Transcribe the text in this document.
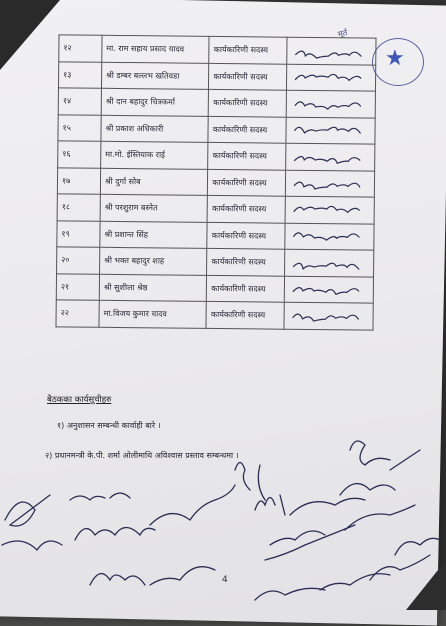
मूर्त
★
१२	मा. राम सहाय प्रसाद यादव	कार्यकारिणी सदस्य	
१३	श्री डम्बर बल्लभ खतिवडा	कार्यकारिणी सदस्य	
१४	श्री दान बहादुर चित्रकर्मा	कार्यकारिणी सदस्य	
१५	श्री प्रकाश अधिकारी	कार्यकारिणी सदस्य	
१६	मा.मो. ईस्तियाक राई	कार्यकारिणी सदस्य	
१७	श्री दुर्गा सोब	कार्यकारिणी सदस्य	
१८	श्री परशुराम बस्नेत	कार्यकारिणी सदस्य	
१९	श्री प्रशान्त सिंह	कार्यकारिणी सदस्य	
२०	श्री भक्त बहादुर शाह	कार्यकारिणी सदस्य	
२१	श्री सुशीला श्रेष्ठ	कार्यकारिणी सदस्य	
२२	मा.विजय कुमार यादव	कार्यकारिणी सदस्य	
बैठकका कार्यसूचीहरु
१) अनुशासन सम्बन्धी कार्वाही बारे ।
२) प्रधानमन्त्री के.पी. शर्मा ओलीमाथि अविश्वास प्रस्ताव सम्बन्धमा ।
4
